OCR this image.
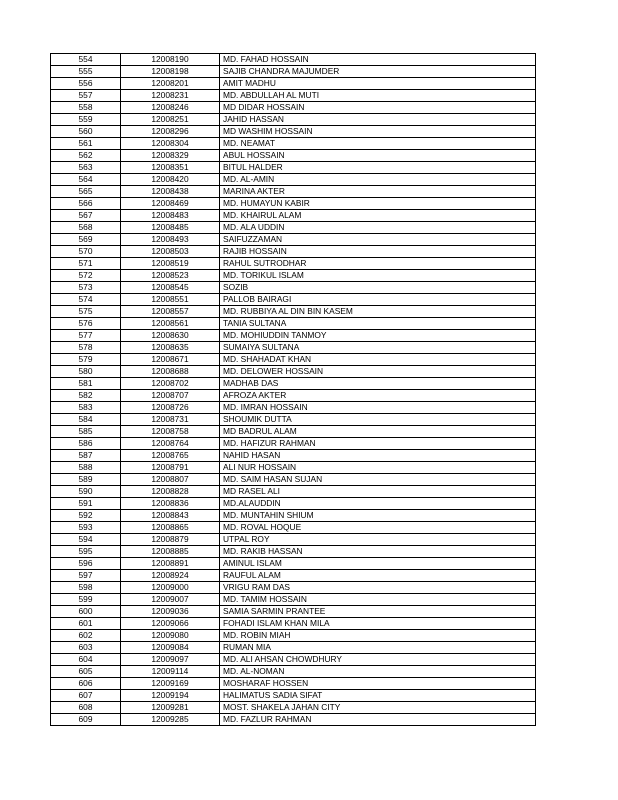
554	12008190	MD. FAHAD HOSSAIN
555	12008198	SAJIB CHANDRA MAJUMDER
556	12008201	AMIT MADHU
557	12008231	MD. ABDULLAH AL MUTI
558	12008246	MD DIDAR HOSSAIN
559	12008251	JAHID HASSAN
560	12008296	MD WASHIM HOSSAIN
561	12008304	MD. NEAMAT
562	12008329	ABUL HOSSAIN
563	12008351	BITUL HALDER
564	12008420	MD. AL-AMIN
565	12008438	MARINA AKTER
566	12008469	MD. HUMAYUN KABIR
567	12008483	MD. KHAIRUL ALAM
568	12008485	MD. ALA UDDIN
569	12008493	SAIFUZZAMAN
570	12008503	RAJIB HOSSAIN
571	12008519	RAHUL SUTRODHAR
572	12008523	MD. TORIKUL ISLAM
573	12008545	SOZIB
574	12008551	PALLOB BAIRAGI
575	12008557	MD. RUBBIYA AL DIN BIN KASEM
576	12008561	TANIA SULTANA
577	12008630	MD. MOHIUDDIN TANMOY
578	12008635	SUMAIYA SULTANA
579	12008671	MD. SHAHADAT KHAN
580	12008688	MD. DELOWER HOSSAIN
581	12008702	MADHAB DAS
582	12008707	AFROZA AKTER
583	12008726	MD. IMRAN HOSSAIN
584	12008731	SHOUMIK DUTTA
585	12008758	MD BADRUL ALAM
586	12008764	MD. HAFIZUR RAHMAN
587	12008765	NAHID HASAN
588	12008791	ALI NUR HOSSAIN
589	12008807	MD. SAIM HASAN SUJAN
590	12008828	MD RASEL ALI
591	12008836	MD.ALAUDDIN
592	12008843	MD. MUNTAHIN SHIUM
593	12008865	MD. ROVAL HOQUE
594	12008879	UTPAL ROY
595	12008885	MD. RAKIB HASSAN
596	12008891	AMINUL ISLAM
597	12008924	RAUFUL ALAM
598	12009000	VRIGU RAM DAS
599	12009007	MD. TAMIM HOSSAIN
600	12009036	SAMIA SARMIN PRANTEE
601	12009066	FOHADI ISLAM KHAN MILA
602	12009080	MD. ROBIN MIAH
603	12009084	RUMAN MIA
604	12009097	MD. ALI AHSAN CHOWDHURY
605	12009114	MD. AL-NOMAN
606	12009169	MOSHARAF HOSSEN
607	12009194	HALIMATUS SADIA SIFAT
608	12009281	MOST. SHAKELA JAHAN CITY
609	12009285	MD. FAZLUR RAHMAN
